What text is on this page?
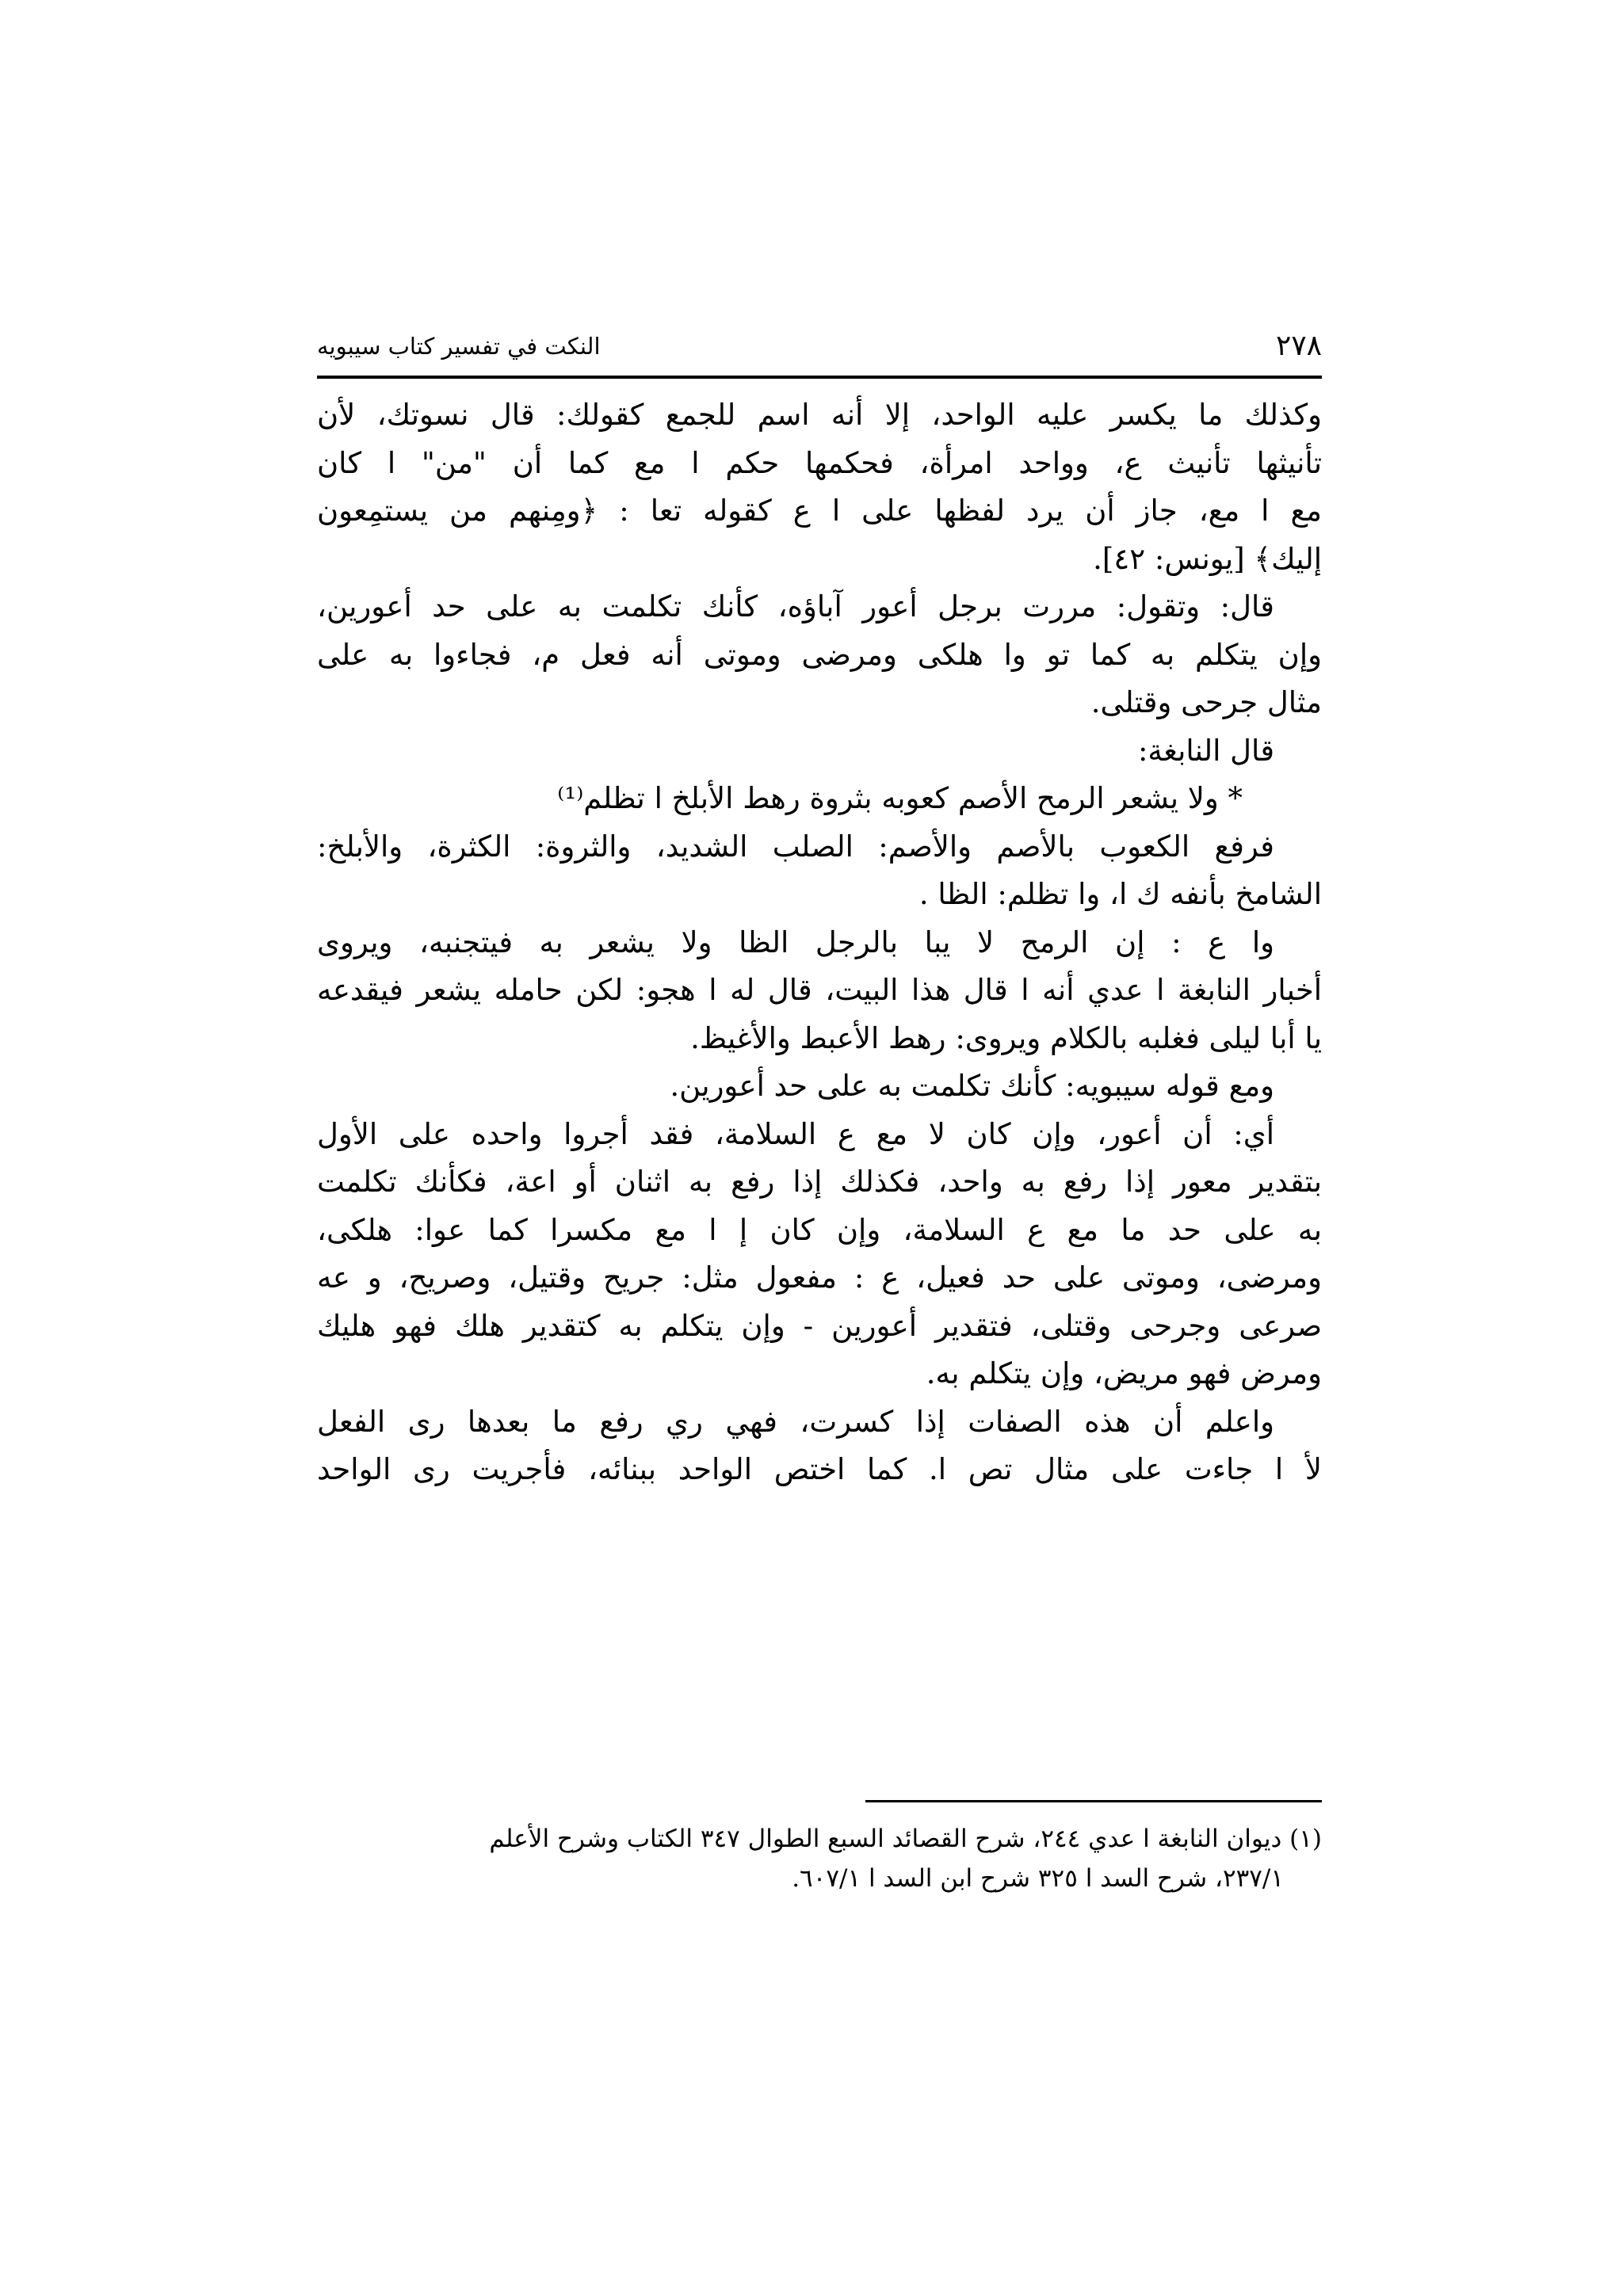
النكت في تفسير كتاب سيبويه	٢٧٨
وكذلك ما يكسر عليه الواحد، إلا أنه اسم للجمع كقولك: قال نسوتك، لأن
تأنيثها تأنيث ع، وواحد امرأة، فحكمها حكم ا مع كما أن "من" ا كان
مع ا مع، جاز أن يرد لفظها على ا ع كقوله تعا : ﴿ومِنهم من يستمِعون
إليك﴾ [يونس: ٤٢].
قال: وتقول: مررت برجل أعور آباؤه، كأنك تكلمت به على حد أعورين،
وإن يتكلم به كما تو وا هلكى ومرضى وموتى أنه فعل م، فجاءوا به على
مثال جرحى وقتلى.
قال النابغة:
* ولا يشعر الرمح الأصم كعوبه بثروة رهط الأبلخ ا تظلم⁽¹⁾
فرفع الكعوب بالأصم والأصم: الصلب الشديد، والثروة: الكثرة، والأبلخ:
الشامخ بأنفه ك ا، وا تظلم: الظا .
وا ع : إن الرمح لا يبا بالرجل الظا ولا يشعر به فيتجنبه، ويروى
أخبار النابغة ا عدي أنه ا قال هذا البيت، قال له ا هجو: لكن حامله يشعر فيقدعه
يا أبا ليلى فغلبه بالكلام ويروى: رهط الأعبط والأغيظ.
ومع قوله سيبويه: كأنك تكلمت به على حد أعورين.
أي: أن أعور، وإن كان لا مع ع السلامة، فقد أجروا واحده على الأول
بتقدير معور إذا رفع به واحد، فكذلك إذا رفع به اثنان أو اعة، فكأنك تكلمت
به على حد ما مع ع السلامة، وإن كان إ ا مع مكسرا كما عوا: هلكى،
ومرضى، وموتى على حد فعيل، ع : مفعول مثل: جريح وقتيل، وصريح، و عه
صرعى وجرحى وقتلى، فتقدير أعورين - وإن يتكلم به كتقدير هلك فهو هليك
ومرض فهو مريض، وإن يتكلم به.
واعلم أن هذه الصفات إذا كسرت، فهي ري رفع ما بعدها رى الفعل
لأ ا جاءت على مثال تص ا. كما اختص الواحد ببنائه، فأجريت رى الواحد
(١) ديوان النابغة ا عدي ٢٤٤، شرح القصائد السبع الطوال ٣٤٧ الكتاب وشرح الأعلم
٢٣٧/١، شرح السد ا ٣٢٥ شرح ابن السد ا ٦٠٧/١.
